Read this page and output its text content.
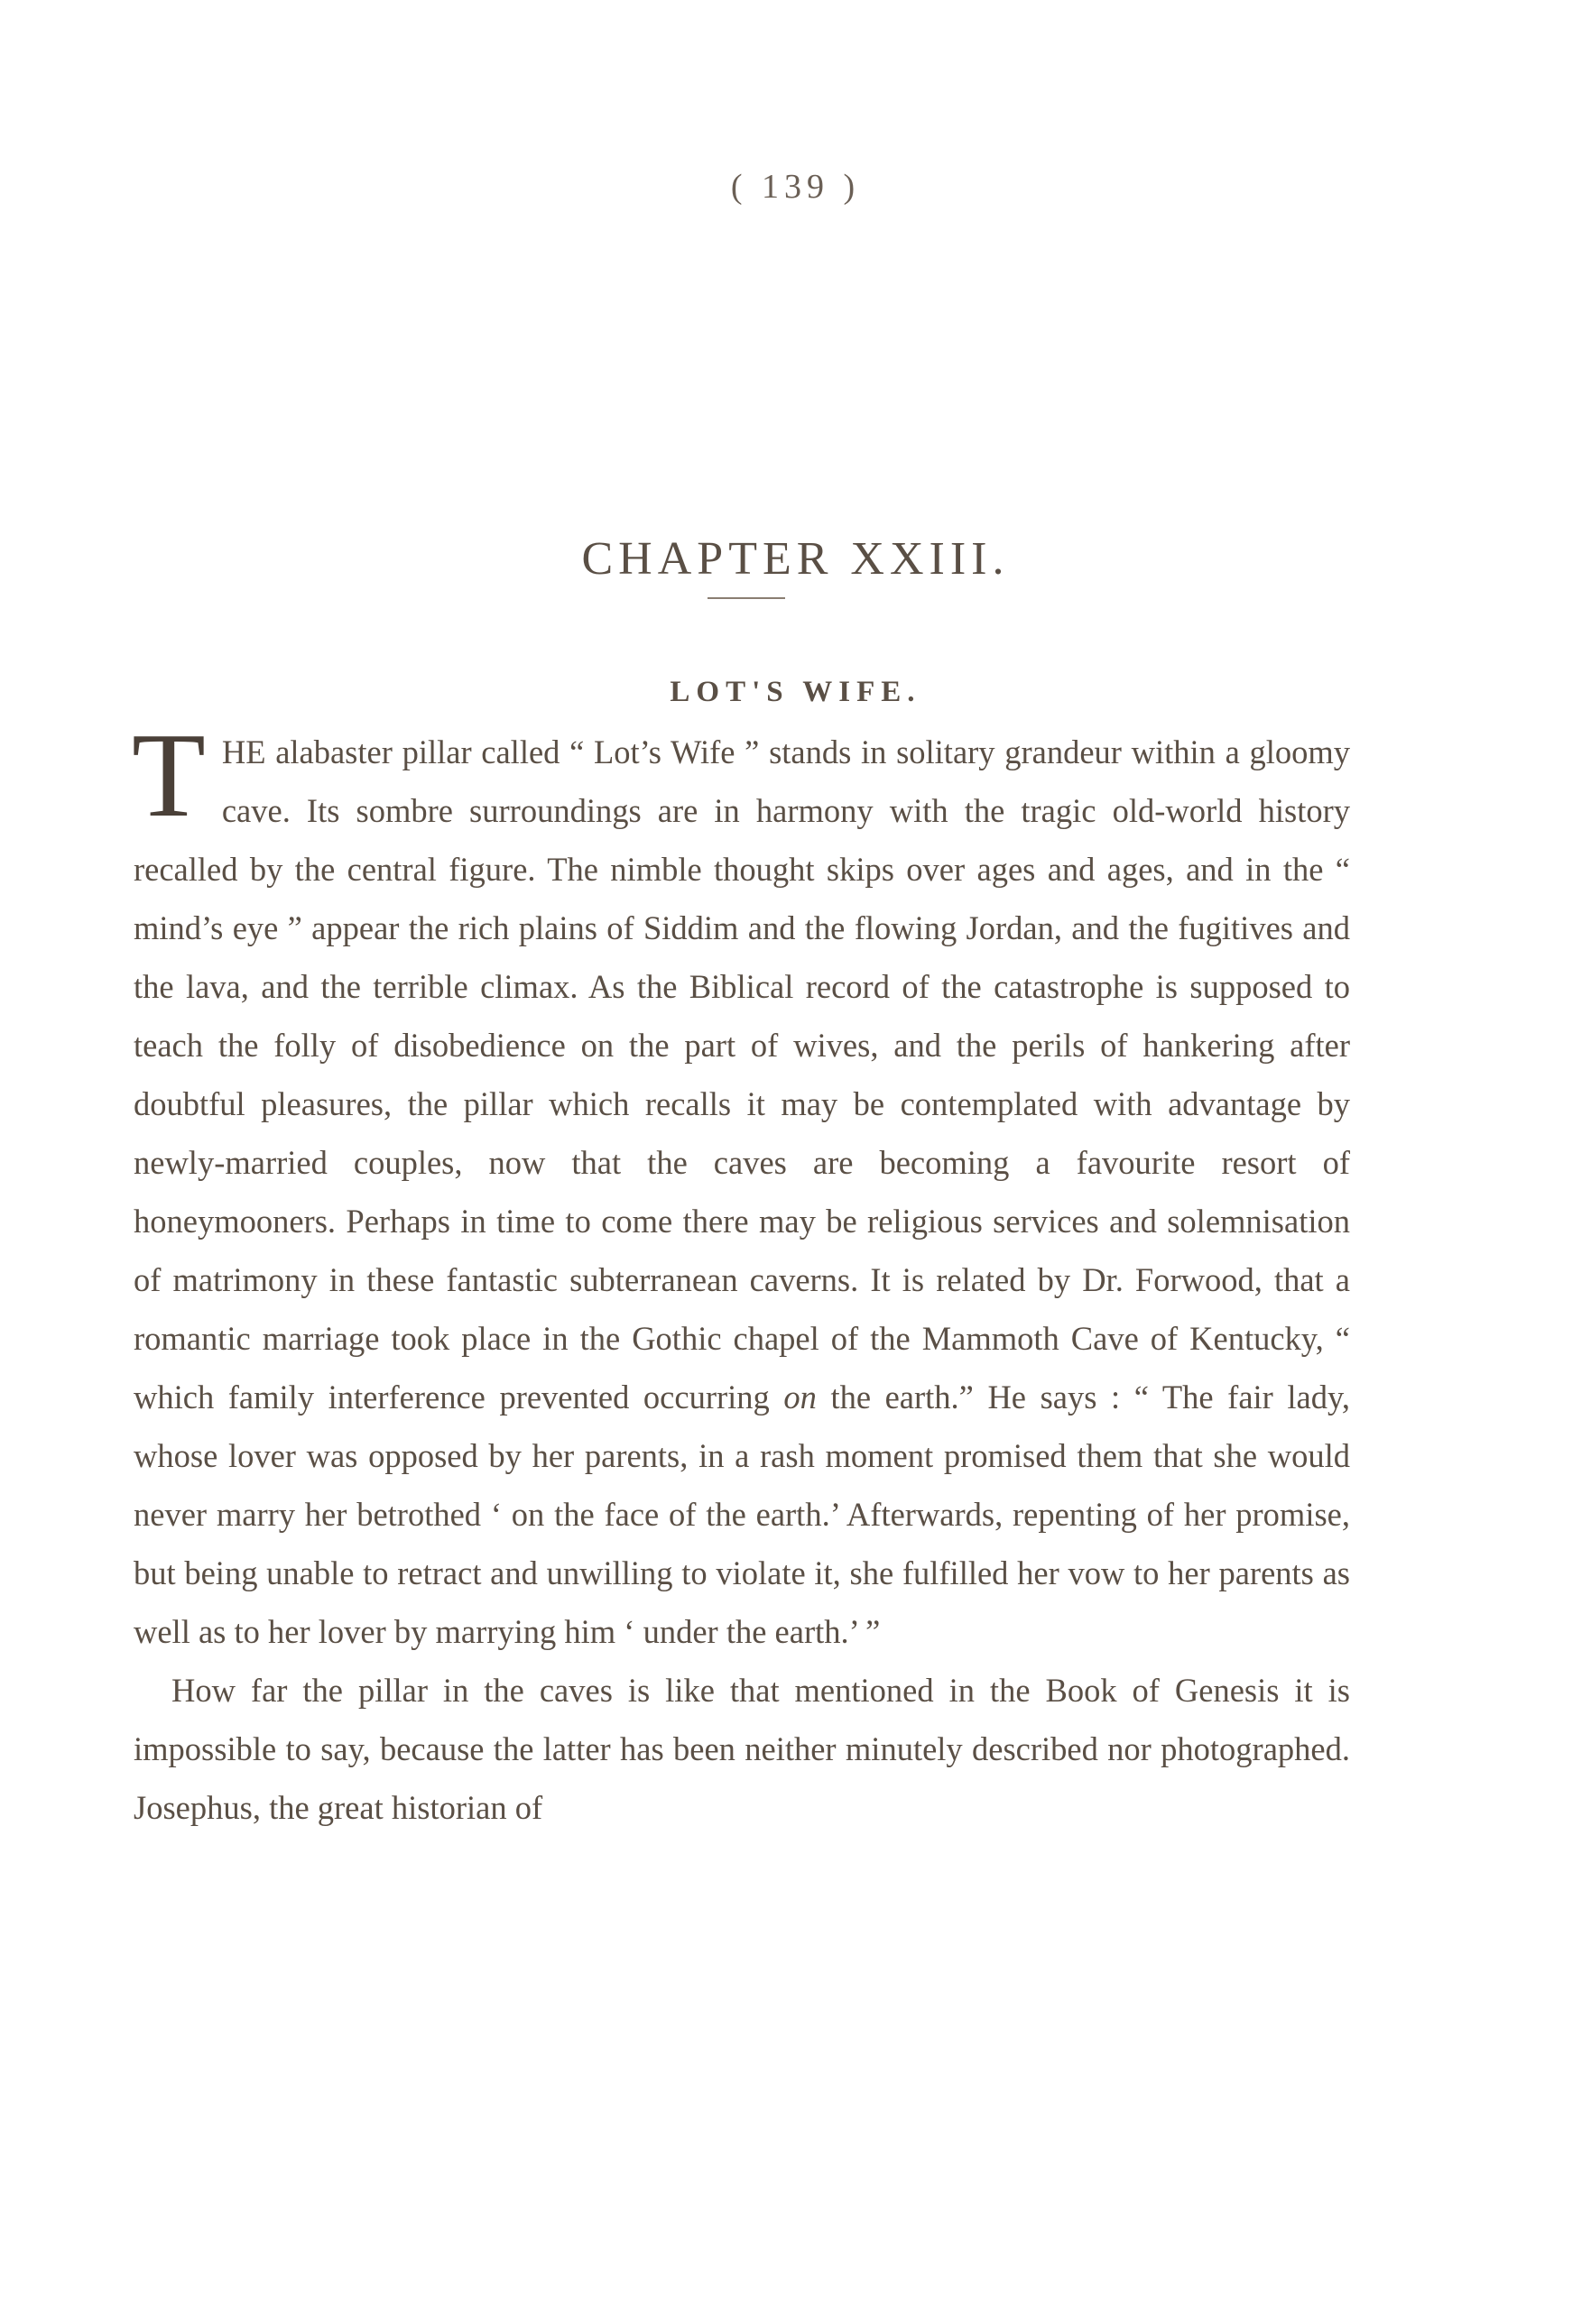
( 139 )
CHAPTER XXIII.
LOT'S WIFE.

THE alabaster pillar called “ Lot’s Wife ” stands in solitary grandeur within a gloomy cave. Its sombre surroundings are in harmony with the tragic old-world history recalled by the central figure. The nimble thought skips over ages and ages, and in the “ mind’s eye ” appear the rich plains of Siddim and the flowing Jordan, and the fugitives and the lava, and the terrible climax. As the Biblical record of the catastrophe is supposed to teach the folly of disobedience on the part of wives, and the perils of hankering after doubtful pleasures, the pillar which recalls it may be contemplated with advantage by newly-married couples, now that the caves are becoming a favourite resort of honeymooners. Perhaps in time to come there may be religious services and solemnisation of matrimony in these fantastic subterranean caverns. It is related by Dr. Forwood, that a romantic marriage took place in the Gothic chapel of the Mammoth Cave of Kentucky, “ which family interference prevented occurring on the earth.” He says : “ The fair lady, whose lover was opposed by her parents, in a rash moment promised them that she would never marry her betrothed ‘ on the face of the earth.’ Afterwards, repenting of her promise, but being unable to retract and unwilling to violate it, she fulfilled her vow to her parents as well as to her lover by marrying him ‘ under the earth.’ ”

How far the pillar in the caves is like that mentioned in the Book of Genesis it is impossible to say, because the latter has been neither minutely described nor photographed. Josephus, the great historian of
